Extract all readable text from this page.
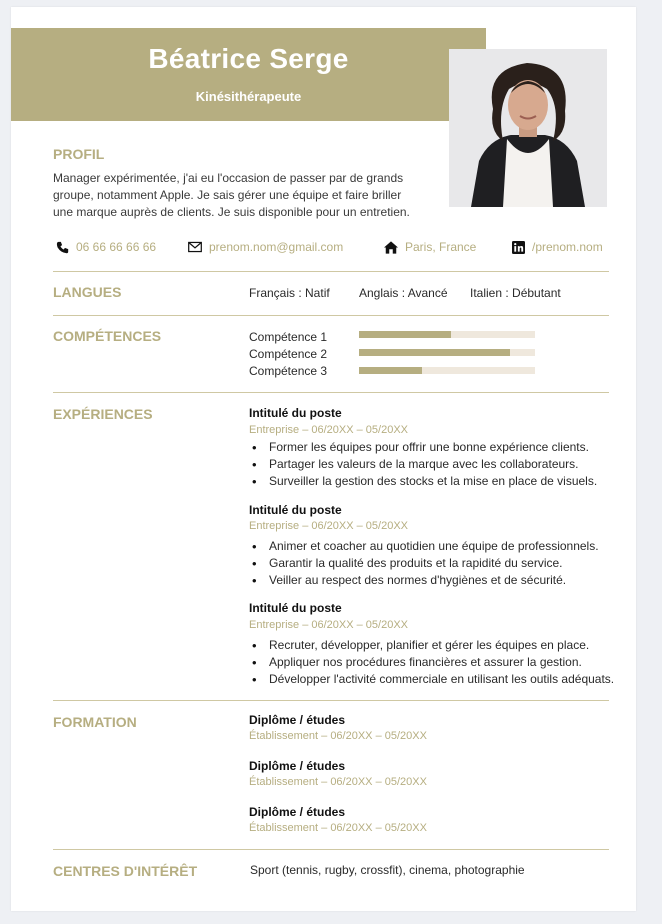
Béatrice Serge
Kinésithérapeute
PROFIL
Manager expérimentée, j'ai eu l'occasion de passer par de grands
groupe, notamment Apple. Je sais gérer une équipe et faire briller
une marque auprès de clients. Je suis disponible pour un entretien.
06 66 66 66 66	prenom.nom@gmail.com	Paris, France	/prenom.nom
LANGUES	Français : Natif Anglais : Avancé Italien : Débutant
COMPÉTENCES	Compétence 1
Compétence 2
Compétence 3
EXPÉRIENCES	Intitulé du poste
Entreprise – 06/20XX – 05/20XX
• Former les équipes pour offrir une bonne expérience clients.
• Partager les valeurs de la marque avec les collaborateurs.
• Surveiller la gestion des stocks et la mise en place de visuels.
Intitulé du poste
Entreprise – 06/20XX – 05/20XX
• Animer et coacher au quotidien une équipe de professionnels.
• Garantir la qualité des produits et la rapidité du service.
• Veiller au respect des normes d'hygiènes et de sécurité.
Intitulé du poste
Entreprise – 06/20XX – 05/20XX
• Recruter, développer, planifier et gérer les équipes en place.
• Appliquer nos procédures financières et assurer la gestion.
• Développer l'activité commerciale en utilisant les outils adéquats.
FORMATION	Diplôme / études
Établissement – 06/20XX – 05/20XX
Diplôme / études
Établissement – 06/20XX – 05/20XX
Diplôme / études
Établissement – 06/20XX – 05/20XX
CENTRES D'INTÉRÊT	Sport (tennis, rugby, crossfit), cinema, photographie
